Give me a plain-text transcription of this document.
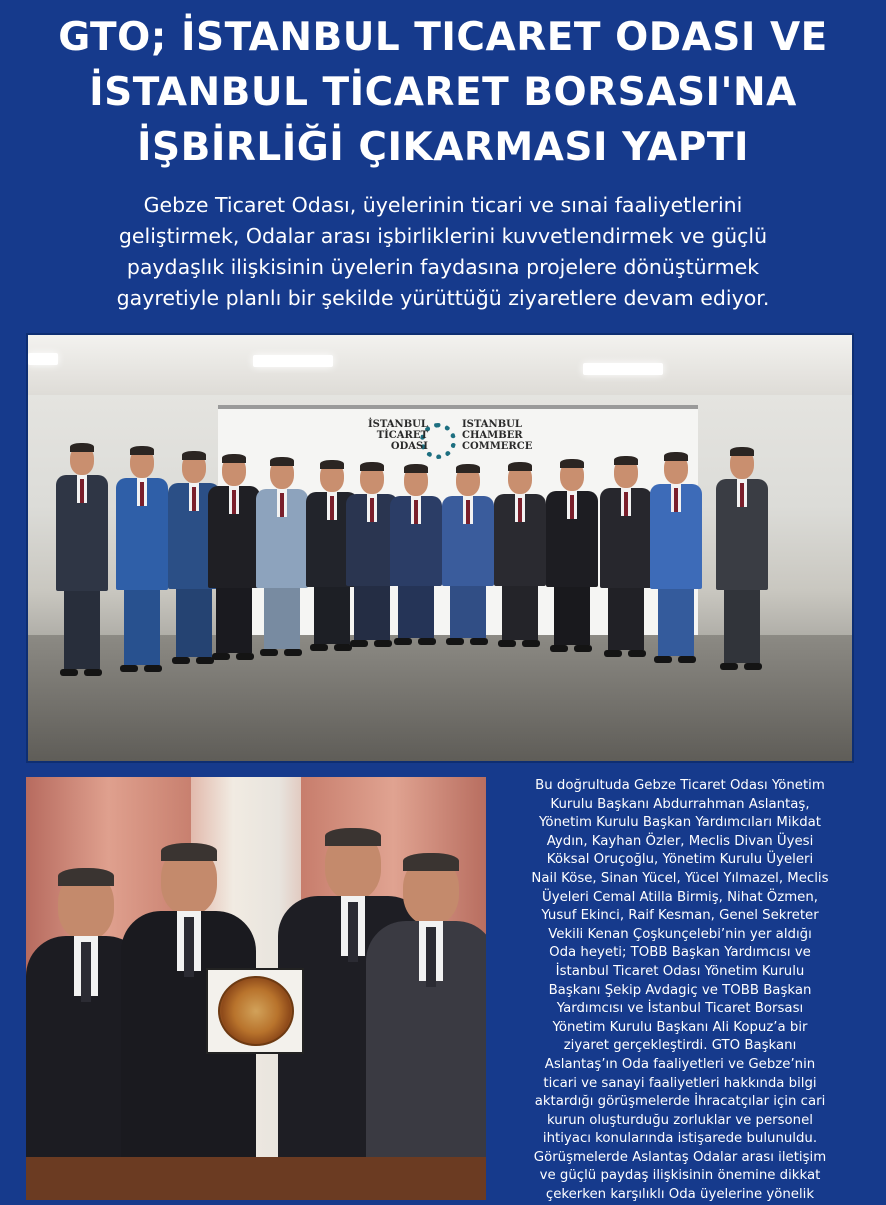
GTO; İSTANBUL TICARET ODASI VE
İSTANBUL TİCARET BORSASI'NA
İŞBİRLİĞİ ÇIKARMASI YAPTI
Gebze Ticaret Odası, üyelerinin ticari ve sınai faaliyetlerini
geliştirmek, Odalar arası işbirliklerini kuvvetlendirmek ve güçlü
paydaşlık ilişkisinin üyelerin faydasına projelere dönüştürmek
gayretiyle planlı bir şekilde yürüttüğü ziyaretlere devam ediyor.
İSTANBUL
TİCARET
ODASI
ISTANBUL
CHAMBER
COMMERCE
Bu doğrultuda Gebze Ticaret Odası Yönetim
Kurulu Başkanı Abdurrahman Aslantaş,
Yönetim Kurulu Başkan Yardımcıları Mikdat
Aydın, Kayhan Özler, Meclis Divan Üyesi
Köksal Oruçoğlu, Yönetim Kurulu Üyeleri
Nail Köse, Sinan Yücel, Yücel Yılmazel, Meclis
Üyeleri Cemal Atilla Birmiş, Nihat Özmen,
Yusuf Ekinci, Raif Kesman, Genel Sekreter
Vekili Kenan Çoşkunçelebi’nin yer aldığı
Oda heyeti; TOBB Başkan Yardımcısı ve
İstanbul Ticaret Odası Yönetim Kurulu
Başkanı Şekip Avdagiç ve TOBB Başkan
Yardımcısı ve İstanbul Ticaret Borsası
Yönetim Kurulu Başkanı Ali Kopuz’a bir
ziyaret gerçekleştirdi. GTO Başkanı
Aslantaş’ın Oda faaliyetleri ve Gebze’nin
ticari ve sanayi faaliyetleri hakkında bilgi
aktardığı görüşmelerde İhracatçılar için cari
kurun oluşturduğu zorluklar ve personel
ihtiyacı konularında istişarede bulunuldu.
Görüşmelerde Aslantaş Odalar arası iletişim
ve güçlü paydaş ilişkisinin önemine dikkat
çekerken karşılıklı Oda üyelerine yönelik
